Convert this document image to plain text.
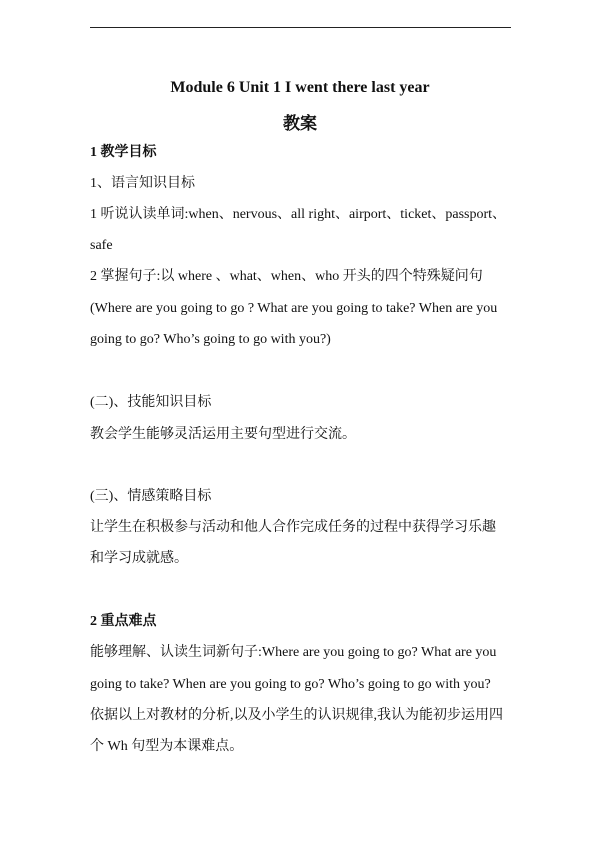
Module 6 Unit 1 I went there last year
教案
1 教学目标
1、语言知识目标
1 听说认读单词:when、nervous、all right、airport、ticket、passport、
safe
2 掌握句子:以 where 、what、when、who 开头的四个特殊疑问句
(Where are you going to go ? What are you going to take? When are you
going to go? Who’s going to go with you?)
(二)、技能知识目标
教会学生能够灵活运用主要句型进行交流。
(三)、情感策略目标
让学生在积极参与活动和他人合作完成任务的过程中获得学习乐趣
和学习成就感。
2 重点难点
能够理解、认读生词新句子:Where are you going to go? What are you
going to take? When are you going to go? Who’s going to go with you?
依据以上对教材的分析,以及小学生的认识规律,我认为能初步运用四
个 Wh 句型为本课难点。
